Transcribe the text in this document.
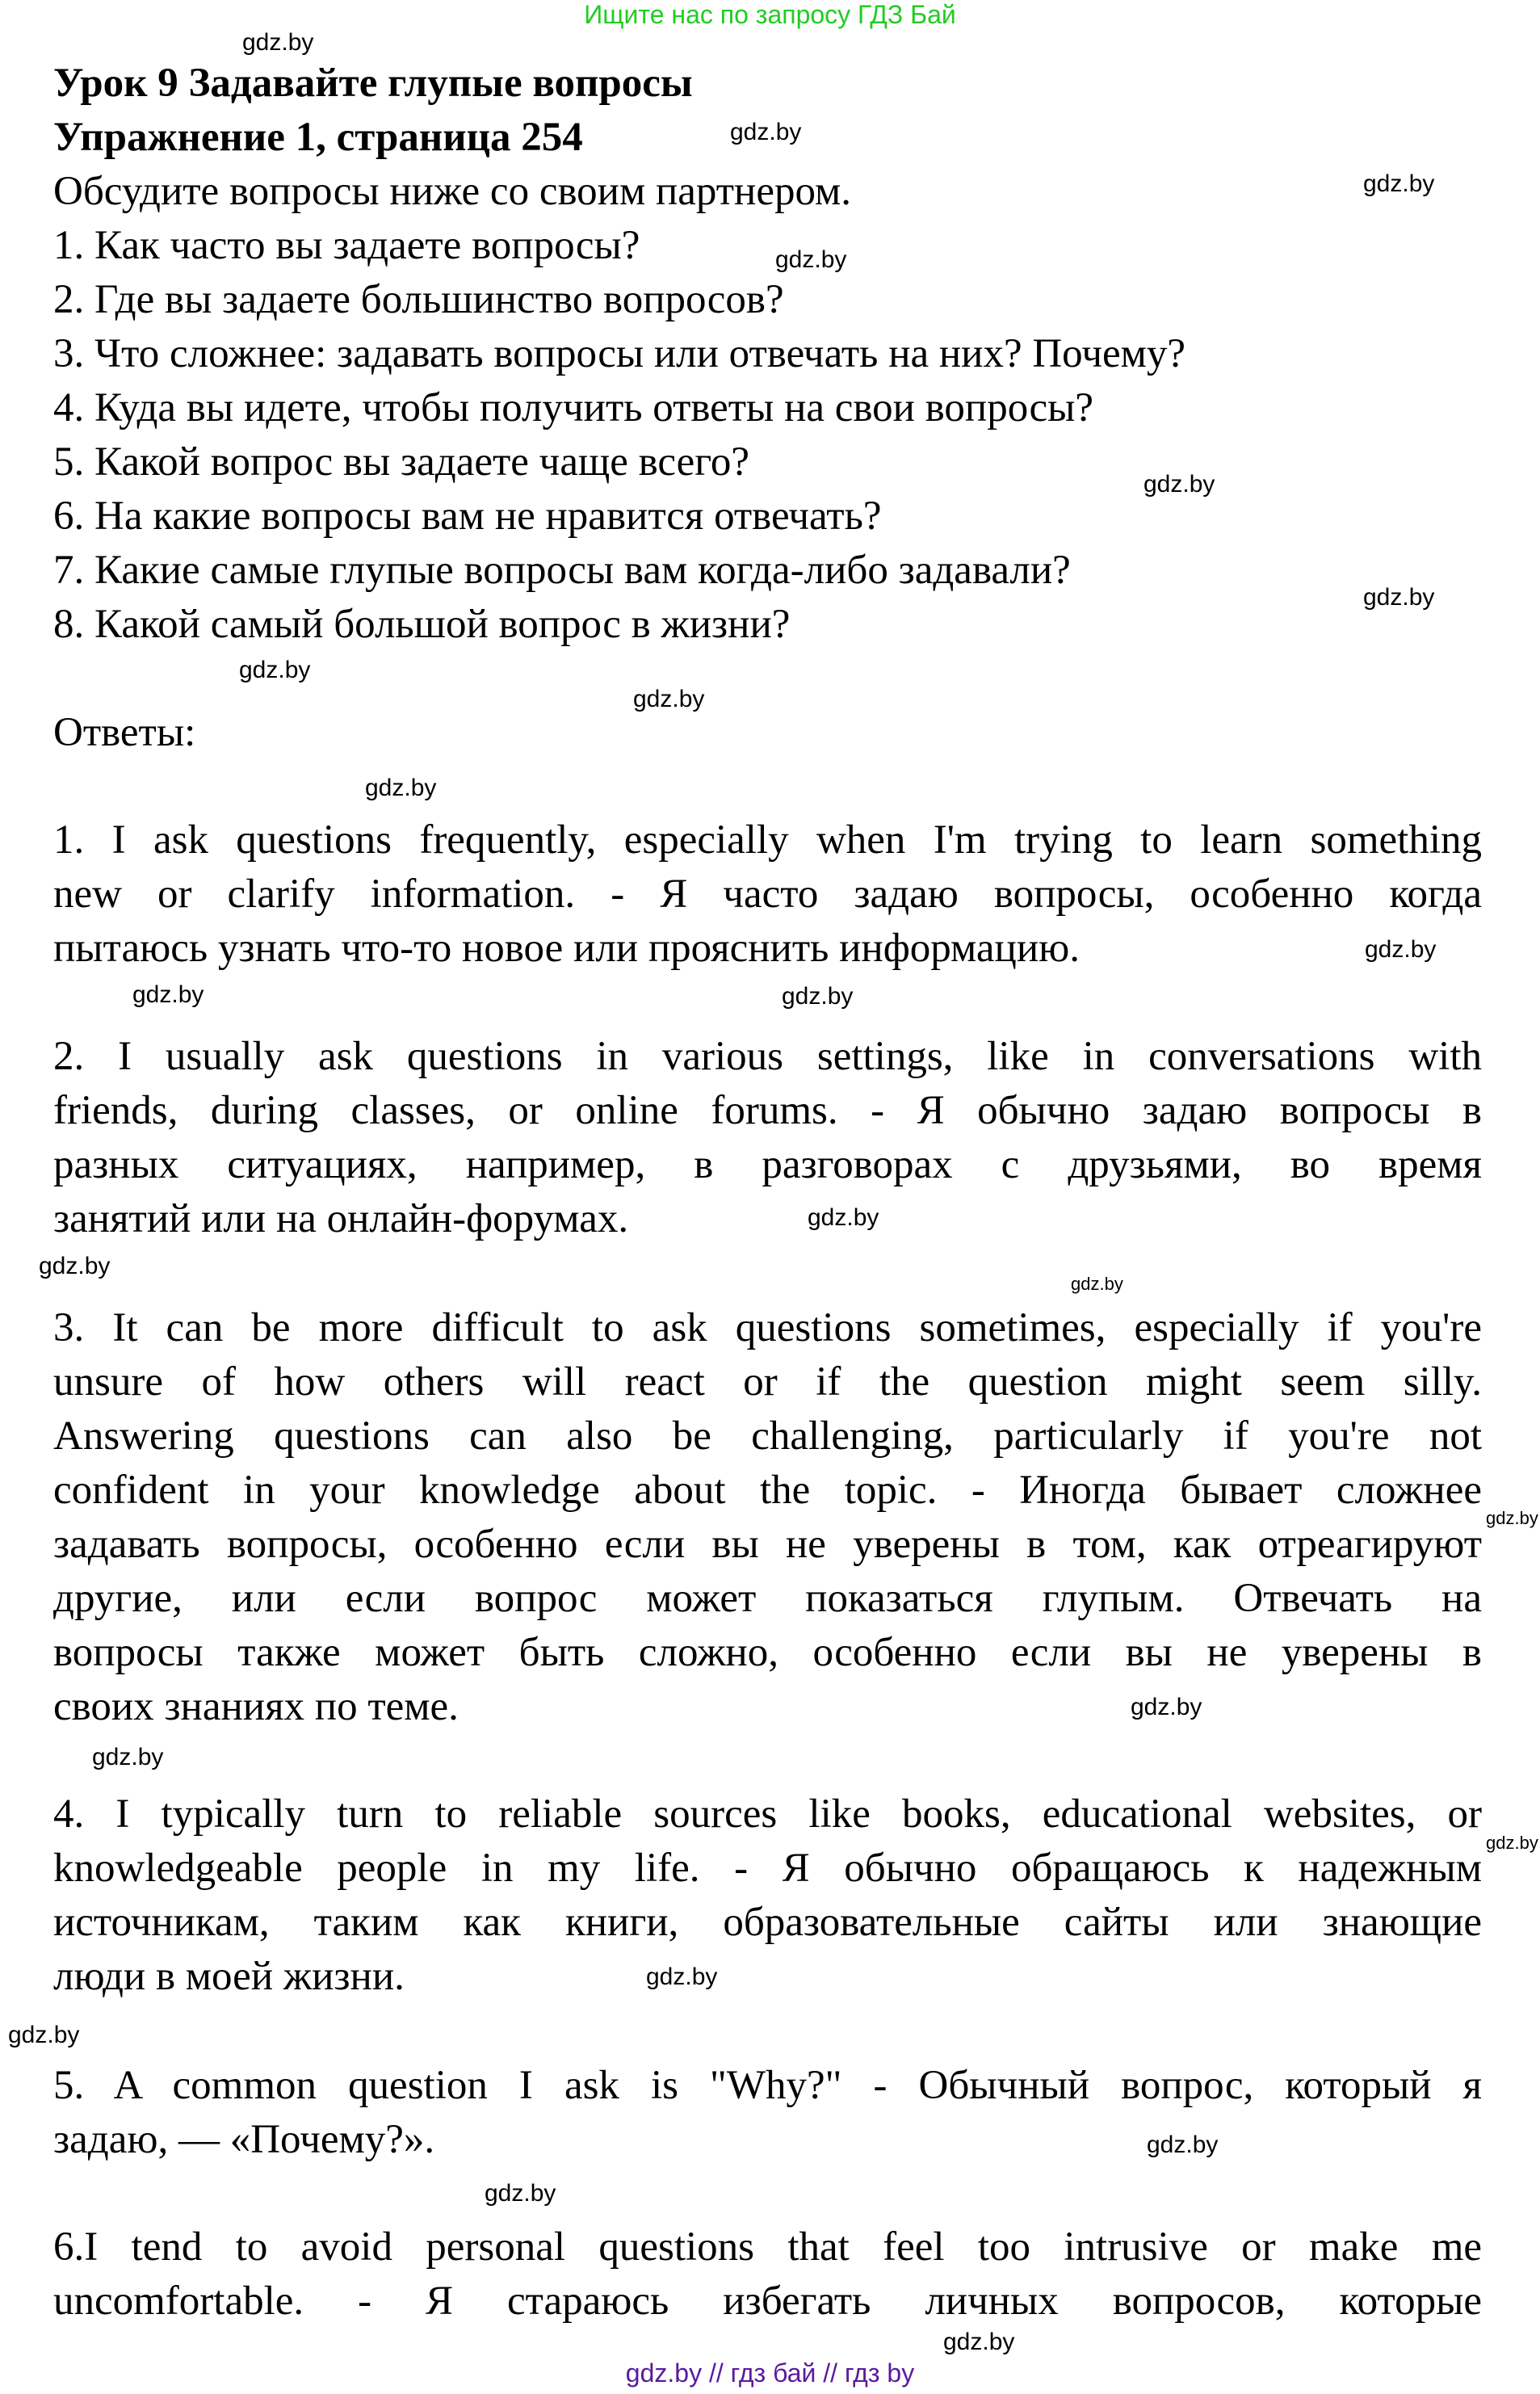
Ищите нас по запросу ГДЗ Бай
Урок 9 Задавайте глупые вопросы
Упражнение 1, страница 254
Обсудите вопросы ниже со своим партнером.
1. Как часто вы задаете вопросы?
2. Где вы задаете большинство вопросов?
3. Что сложнее: задавать вопросы или отвечать на них? Почему?
4. Куда вы идете, чтобы получить ответы на свои вопросы?
5. Какой вопрос вы задаете чаще всего?
6. На какие вопросы вам не нравится отвечать?
7. Какие самые глупые вопросы вам когда-либо задавали?
8. Какой самый большой вопрос в жизни?
Ответы:
1. I ask questions frequently, especially when I'm trying to learn something
new or clarify information. - Я часто задаю вопросы, особенно когда
пытаюсь узнать что-то новое или прояснить информацию.
2. I usually ask questions in various settings, like in conversations with
friends, during classes, or online forums. - Я обычно задаю вопросы в
разных ситуациях, например, в разговорах с друзьями, во время
занятий или на онлайн-форумах.
3. It can be more difficult to ask questions sometimes, especially if you're
unsure of how others will react or if the question might seem silly.
Answering questions can also be challenging, particularly if you're not
confident in your knowledge about the topic. - Иногда бывает сложнее
задавать вопросы, особенно если вы не уверены в том, как отреагируют
другие, или если вопрос может показаться глупым. Отвечать на
вопросы также может быть сложно, особенно если вы не уверены в
своих знаниях по теме.
4. I typically turn to reliable sources like books, educational websites, or
knowledgeable people in my life. - Я обычно обращаюсь к надежным
источникам, таким как книги, образовательные сайты или знающие
люди в моей жизни.
5. A common question I ask is "Why?" - Обычный вопрос, который я
задаю, — «Почему?».
6.I tend to avoid personal questions that feel too intrusive or make me
uncomfortable. - Я стараюсь избегать личных вопросов, которые
gdz.by
gdz.by
gdz.by
gdz.by
gdz.by
gdz.by
gdz.by
gdz.by
gdz.by
gdz.by
gdz.by	gdz.by
gdz.by
gdz.by
gdz.by
gdz.by
gdz.by
gdz.by
gdz.by
gdz.by
gdz.by
gdz.by
gdz.by
gdz.by
gdz.by // гдз бай // гдз by
